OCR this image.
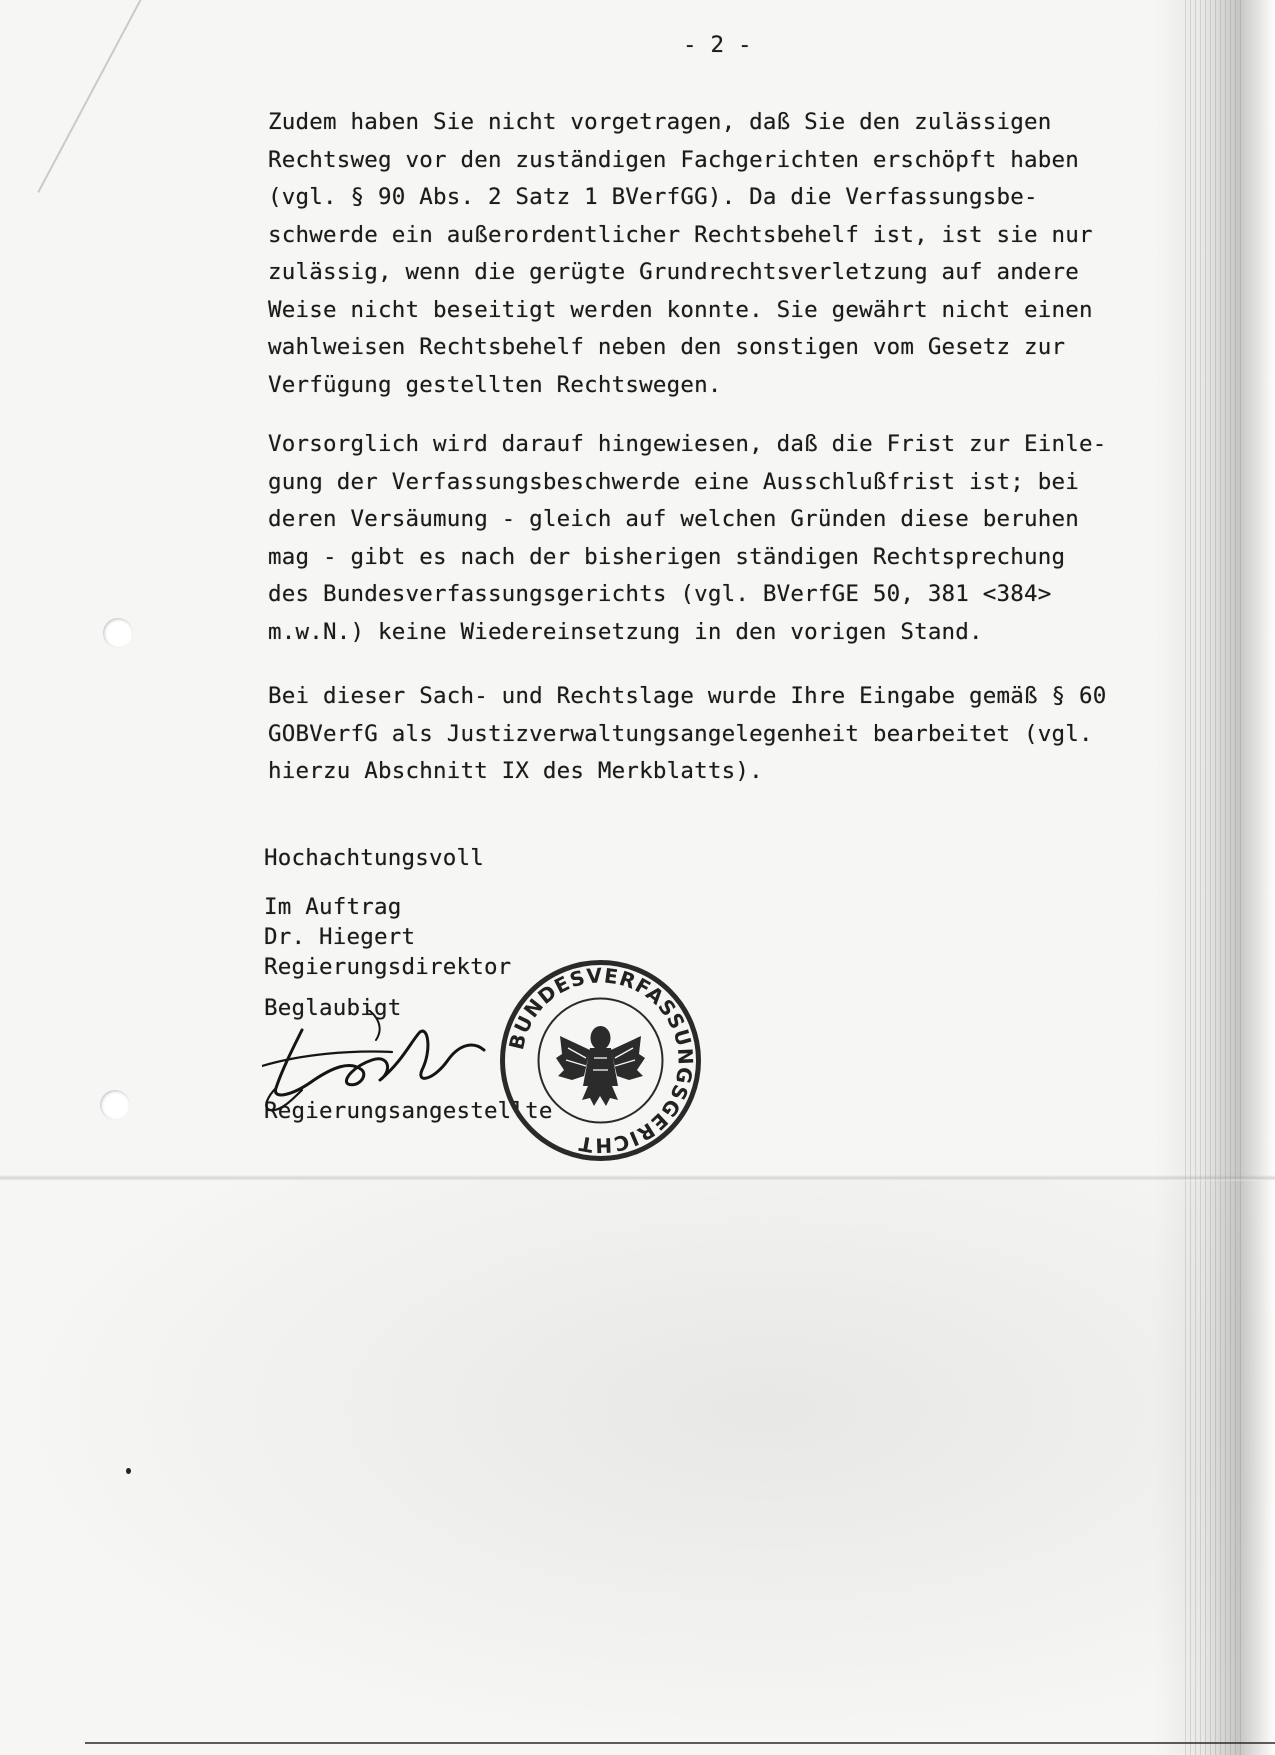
- 2 -
Zudem haben Sie nicht vorgetragen, daß Sie den zulässigen
Rechtsweg vor den zuständigen Fachgerichten erschöpft haben
(vgl. § 90 Abs. 2 Satz 1 BVerfGG). Da die Verfassungsbe-
schwerde ein außerordentlicher Rechtsbehelf ist, ist sie nur
zulässig, wenn die gerügte Grundrechtsverletzung auf andere
Weise nicht beseitigt werden konnte. Sie gewährt nicht einen
wahlweisen Rechtsbehelf neben den sonstigen vom Gesetz zur
Verfügung gestellten Rechtswegen.
Vorsorglich wird darauf hingewiesen, daß die Frist zur Einle-
gung der Verfassungsbeschwerde eine Ausschlußfrist ist; bei
deren Versäumung - gleich auf welchen Gründen diese beruhen
mag - gibt es nach der bisherigen ständigen Rechtsprechung
des Bundesverfassungsgerichts (vgl. BVerfGE 50, 381 <384>
m.w.N.) keine Wiedereinsetzung in den vorigen Stand.
Bei dieser Sach- und Rechtslage wurde Ihre Eingabe gemäß § 60
GOBVerfG als Justizverwaltungsangelegenheit bearbeitet (vgl.
hierzu Abschnitt IX des Merkblatts).
Hochachtungsvoll
Im Auftrag
Dr. Hiegert
Regierungsdirektor
Beglaubigt
Regierungsangestellte
BUNDESVERFASSUNGSGERICHT
